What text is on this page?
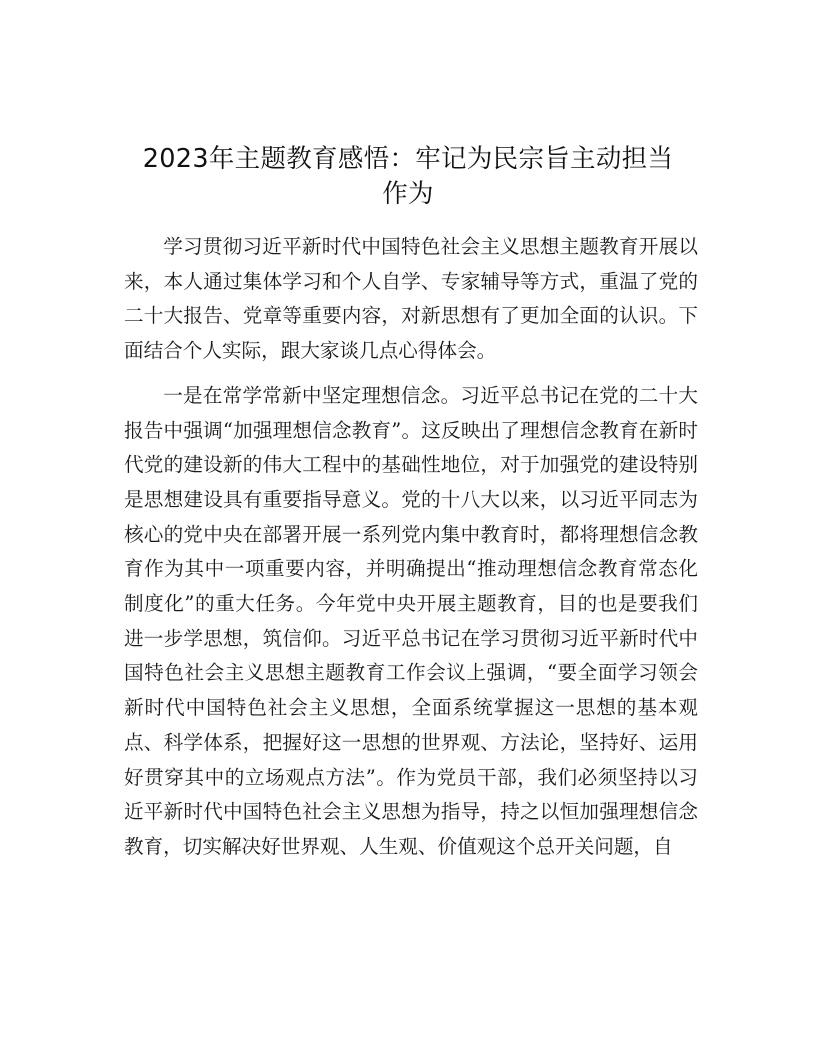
2023年主题教育感悟：牢记为民宗旨主动担当
作为

学习贯彻习近平新时代中国特色社会主义思想主题教育开展以来，本人通过集体学习和个人自学、专家辅导等方式，重温了党的二十大报告、党章等重要内容，对新思想有了更加全面的认识。下面结合个人实际，跟大家谈几点心得体会。

一是在常学常新中坚定理想信念。习近平总书记在党的二十大报告中强调“加强理想信念教育”。这反映出了理想信念教育在新时代党的建设新的伟大工程中的基础性地位，对于加强党的建设特别是思想建设具有重要指导意义。党的十八大以来，以习近平同志为核心的党中央在部署开展一系列党内集中教育时，都将理想信念教育作为其中一项重要内容，并明确提出“推动理想信念教育常态化制度化”的重大任务。今年党中央开展主题教育，目的也是要我们进一步学思想，筑信仰。习近平总书记在学习贯彻习近平新时代中国特色社会主义思想主题教育工作会议上强调，“要全面学习领会新时代中国特色社会主义思想，全面系统掌握这一思想的基本观点、科学体系，把握好这一思想的世界观、方法论，坚持好、运用好贯穿其中的立场观点方法”。作为党员干部，我们必须坚持以习近平新时代中国特色社会主义思想为指导，持之以恒加强理想信念教育，切实解决好世界观、人生观、价值观这个总开关问题，自
